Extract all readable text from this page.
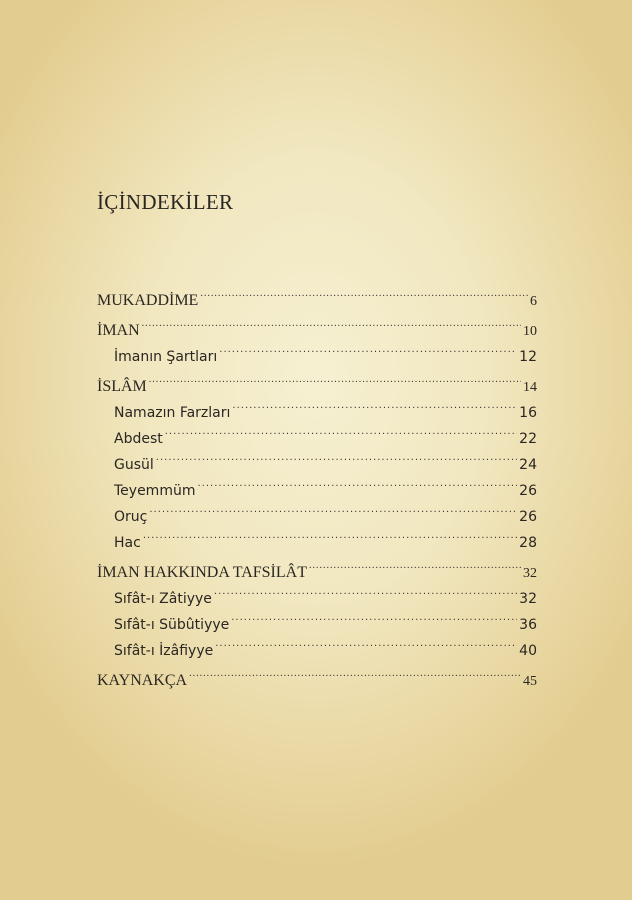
İÇİNDEKİLER
MUKADDİME .....	6
İMAN .....	10
İmanın Şartları .....	12
İSLÂM .....	14
Namazın Farzları .....	16
Abdest .....	22
Gusül .....	24
Teyemmüm .....	26
Oruç .....	26
Hac .....	28
İMAN HAKKINDA TAFSİLÂT .....	32
Sıfât-ı Zâtiyye .....	32
Sıfât-ı Sübûtiyye .....	36
Sıfât-ı İzâfiyye .....	40
KAYNAKÇA .....	45
